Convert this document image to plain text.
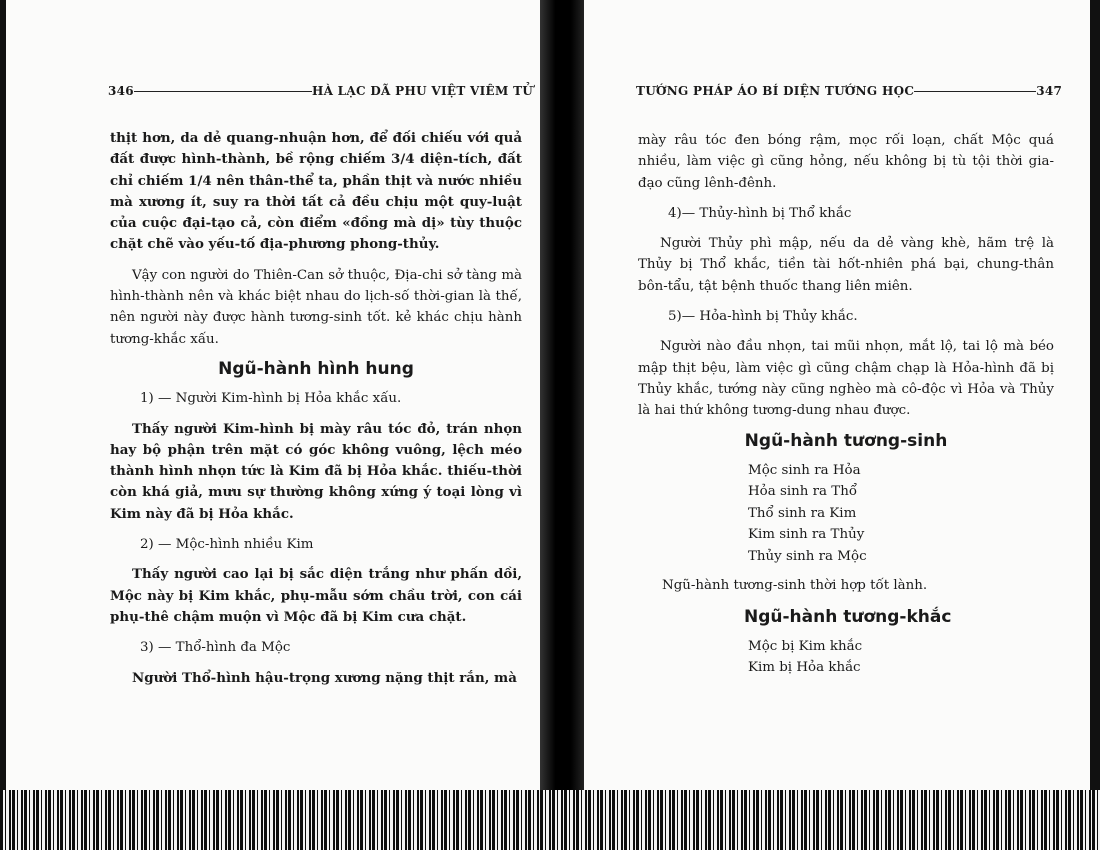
346	HÀ LẠC DÃ PHU VIỆT VIÊM TỬ

thịt hơn, da dẻ quang-nhuận hơn, để đối chiếu với quả đất được hình-thành, bề rộng chiếm 3/4 diện-tích, đất chỉ chiếm 1/4 nên thân-thể ta, phần thịt và nước nhiều mà xương ít, suy ra thời tất cả đều chịu một quy-luật của cuộc đại-tạo cả, còn điểm «đồng mà dị» tùy thuộc chặt chẽ vào yếu-tố địa-phương phong-thủy.

Vậy con người do Thiên-Can sở thuộc, Địa-chi sở tàng mà hình-thành nên và khác biệt nhau do lịch-số thời-gian là thế, nên người này được hành tương-sinh tốt. kẻ khác chịu hành tương-khắc xấu.

Ngũ-hành hình hung
1) — Người Kim-hình bị Hỏa khắc xấu.

Thấy người Kim-hình bị mày râu tóc đỏ, trán nhọn hay bộ phận trên mặt có góc không vuông, lệch méo thành hình nhọn tức là Kim đã bị Hỏa khắc. thiếu-thời còn khá giả, mưu sự thường không xứng ý toại lòng vì Kim này đã bị Hỏa khắc.

2) — Mộc-hình nhiều Kim

Thấy người cao lại bị sắc diện trắng như phấn dồi, Mộc này bị Kim khắc, phụ-mẫu sớm chầu trời, con cái phụ-thê chậm muộn vì Mộc đã bị Kim cưa chặt.

3) — Thổ-hình đa Mộc

Người Thổ-hình hậu-trọng xương nặng thịt rắn, mà

TƯỚNG PHÁP ÁO BÍ DIỆN TƯỚNG HỌC	347

mày râu tóc đen bóng rậm, mọc rối loạn, chất Mộc quá nhiều, làm việc gì cũng hỏng, nếu không bị tù tội thời gia-đạo cũng lênh-đênh.

4)— Thủy-hình bị Thổ khắc

Người Thủy phì mập, nếu da dẻ vàng khè, hãm trệ là Thủy bị Thổ khắc, tiền tài hốt-nhiên phá bại, chung-thân bôn-tẩu, tật bệnh thuốc thang liên miên.

5)— Hỏa-hình bị Thủy khắc.

Người nào đầu nhọn, tai mũi nhọn, mắt lộ, tai lộ mà béo mập thịt bệu, làm việc gì cũng chậm chạp là Hỏa-hình đã bị Thủy khắc, tướng này cũng nghèo mà cô-độc vì Hỏa và Thủy là hai thứ không tương-dung nhau được.

Ngũ-hành tương-sinh
Mộc sinh ra Hỏa
Hỏa sinh ra Thổ
Thổ sinh ra Kim
Kim sinh ra Thủy
Thủy sinh ra Mộc
Ngũ-hành tương-sinh thời hợp tốt lành.
Ngũ-hành tương-khắc
Mộc bị Kim khắc
Kim bị Hỏa khắc
